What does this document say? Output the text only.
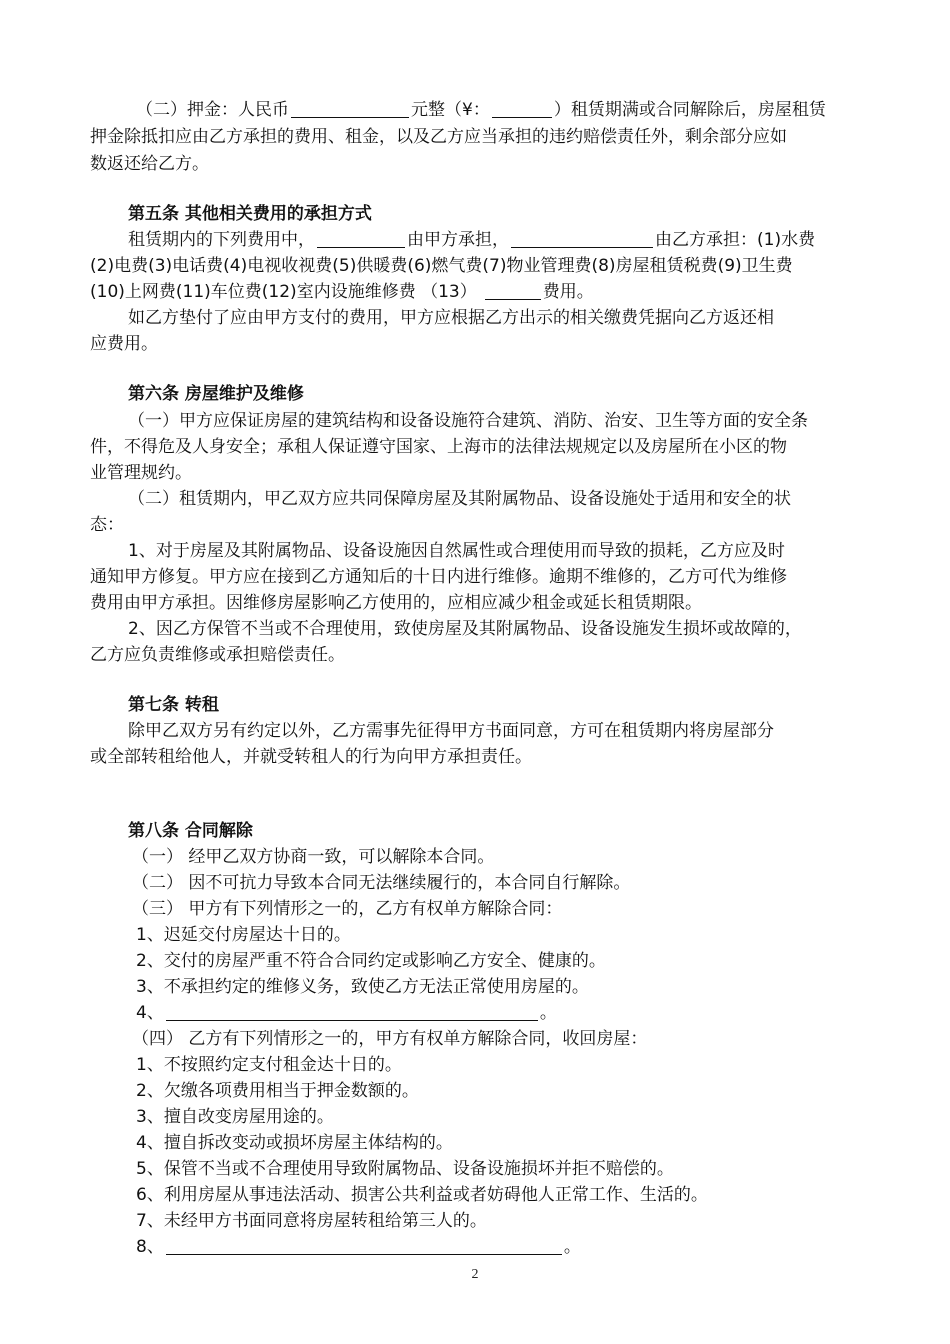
（二）押金：人民币	元整（¥：	）租赁期满或合同解除后，房屋租赁
押金除抵扣应由乙方承担的费用、租金，以及乙方应当承担的违约赔偿责任外，剩余部分应如
数返还给乙方。
第五条 其他相关费用的承担方式
租赁期内的下列费用中，	由甲方承担，	由乙方承担：(1)水费
(2)电费(3)电话费(4)电视收视费(5)供暖费(6)燃气费(7)物业管理费(8)房屋租赁税费(9)卫生费
(10)上网费(11)车位费(12)室内设施维修费 （13）	费用。
如乙方垫付了应由甲方支付的费用，甲方应根据乙方出示的相关缴费凭据向乙方返还相
应费用。
第六条 房屋维护及维修
（一）甲方应保证房屋的建筑结构和设备设施符合建筑、消防、治安、卫生等方面的安全条
件，不得危及人身安全；承租人保证遵守国家、上海市的法律法规规定以及房屋所在小区的物
业管理规约。
（二）租赁期内，甲乙双方应共同保障房屋及其附属物品、设备设施处于适用和安全的状
态：
1、对于房屋及其附属物品、设备设施因自然属性或合理使用而导致的损耗，乙方应及时
通知甲方修复。甲方应在接到乙方通知后的十日内进行维修。逾期不维修的，乙方可代为维修
费用由甲方承担。因维修房屋影响乙方使用的，应相应减少租金或延长租赁期限。
2、因乙方保管不当或不合理使用，致使房屋及其附属物品、设备设施发生损坏或故障的，
乙方应负责维修或承担赔偿责任。
第七条 转租
除甲乙双方另有约定以外，乙方需事先征得甲方书面同意，方可在租赁期内将房屋部分
或全部转租给他人，并就受转租人的行为向甲方承担责任。
第八条 合同解除
（一） 经甲乙双方协商一致，可以解除本合同。
（二） 因不可抗力导致本合同无法继续履行的，本合同自行解除。
（三） 甲方有下列情形之一的，乙方有权单方解除合同：
1、迟延交付房屋达十日的。
2、交付的房屋严重不符合合同约定或影响乙方安全、健康的。
3、不承担约定的维修义务，致使乙方无法正常使用房屋的。
4、	。
（四） 乙方有下列情形之一的，甲方有权单方解除合同，收回房屋：
1、不按照约定支付租金达十日的。
2、欠缴各项费用相当于押金数额的。
3、擅自改变房屋用途的。
4、擅自拆改变动或损坏房屋主体结构的。
5、保管不当或不合理使用导致附属物品、设备设施损坏并拒不赔偿的。
6、利用房屋从事违法活动、损害公共利益或者妨碍他人正常工作、生活的。
7、未经甲方书面同意将房屋转租给第三人的。
8、	。
2
